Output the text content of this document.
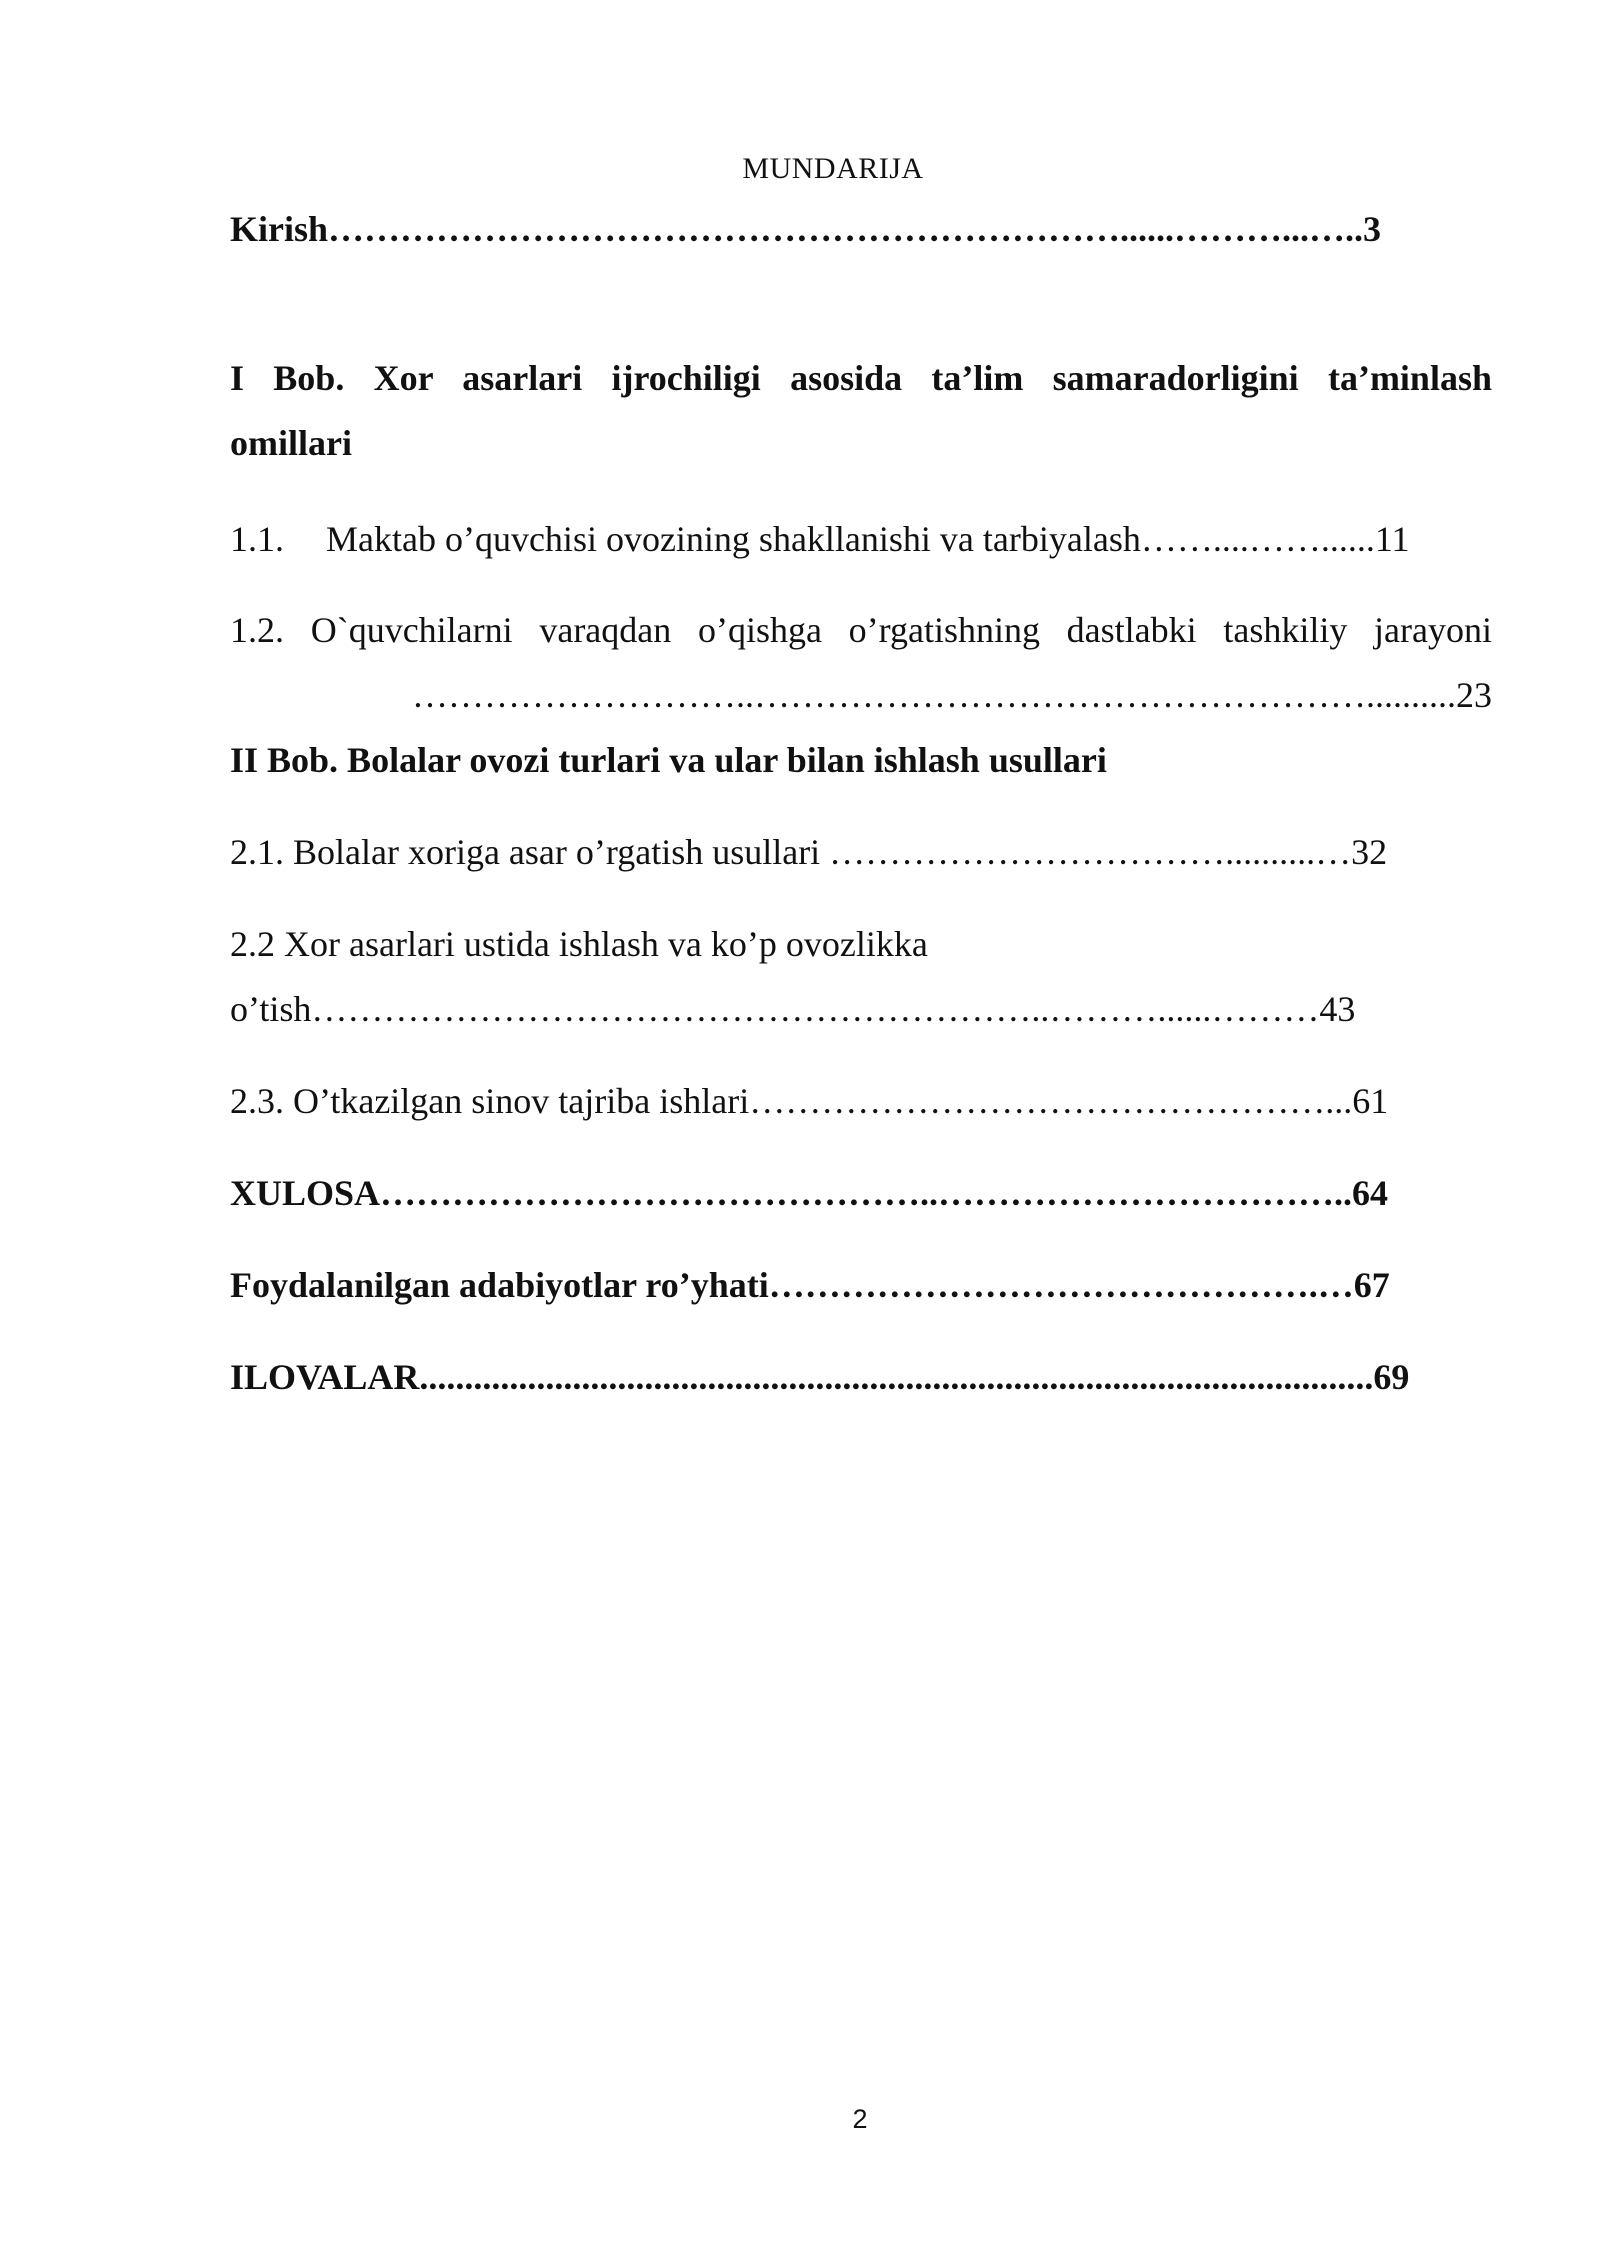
MUNDARIJA
Kirish…………………………………………………………......………...…..3
I Bob. Xor asarlari ijrochiligi asosida ta’lim samaradorligini ta’minlash
omillari
1.1. Maktab o’quvchisi ovozining shakllanishi va tarbiyalash……....……......11
1.2. O`quvchilarni varaqdan o’qishga o’rgatishning dastlabki tashkiliy jarayoni
………………………..……………………………………………..........23
II Bob. Bolalar ovozi turlari va ular bilan ishlash usullari
2.1. Bolalar xoriga asar o’rgatish usullari ……………………………..........…32
2.2 Xor asarlari ustida ishlash va ko’p ovozlikka
o’tish……………………………………………………..………......………43
2.3. O’tkazilgan sinov tajriba ishlari…………………………………………...61
XULOSA………………………………………..……………………………..64
Foydalanilgan adabiyotlar ro’yhati……………………………………….…67
ILOVALAR..........................................................................................................69
2
